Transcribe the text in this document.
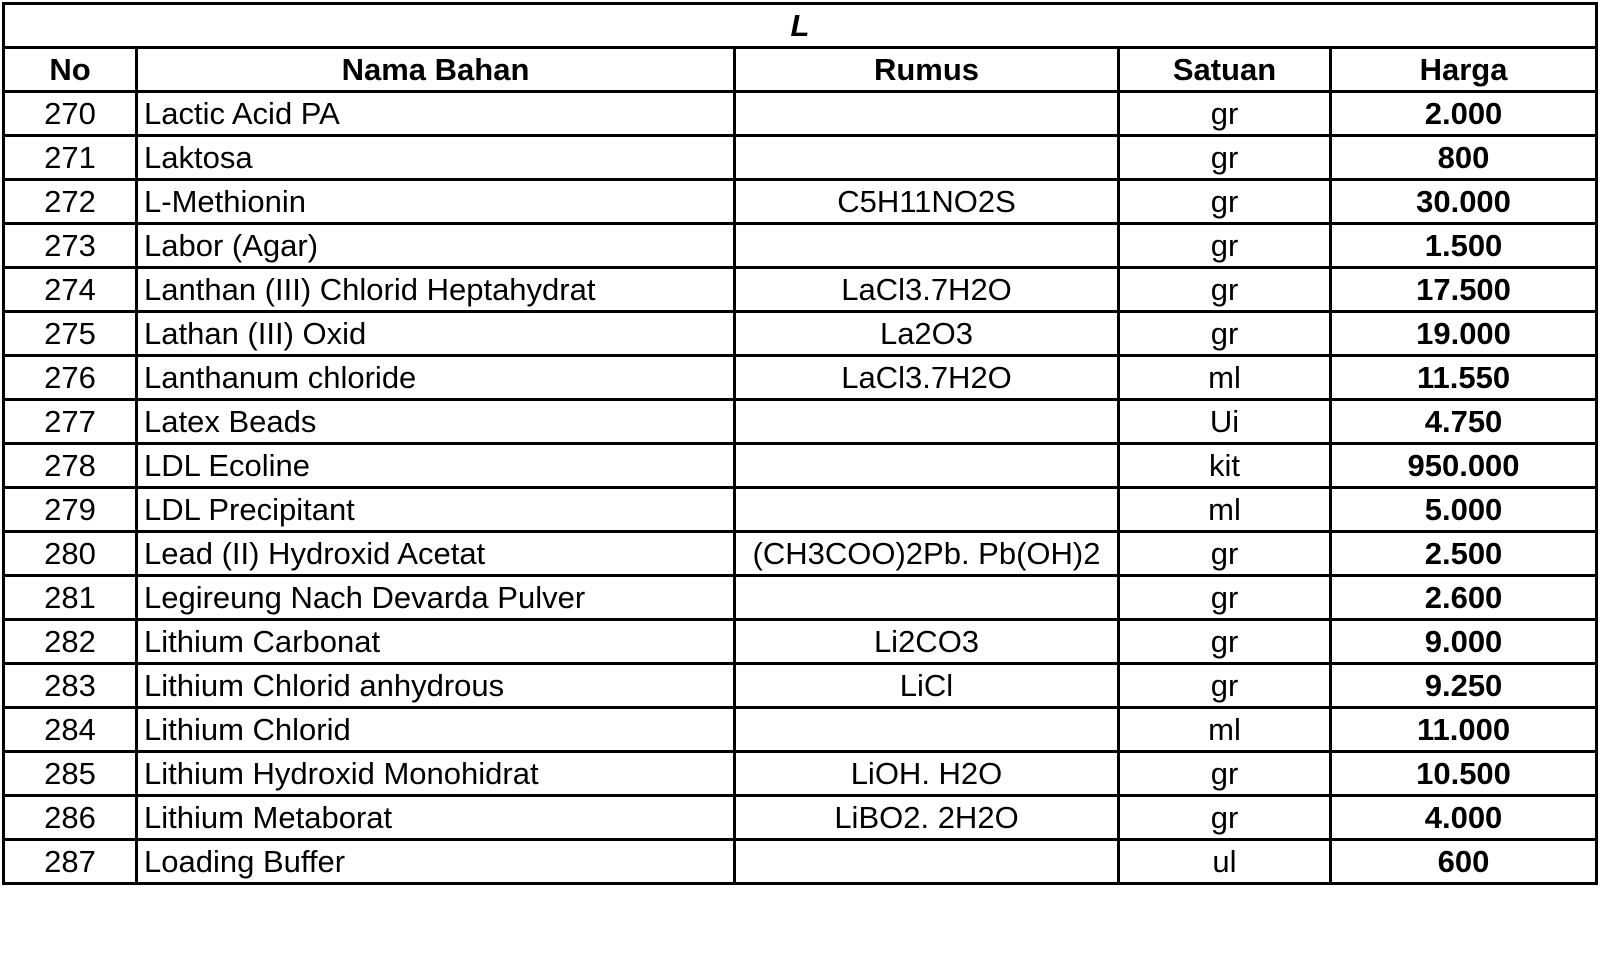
L				
No	Nama Bahan	Rumus	Satuan	Harga
270	Lactic Acid PA		gr	2.000
271	Laktosa		gr	800
272	L-Methionin	C5H11NO2S	gr	30.000
273	Labor (Agar)		gr	1.500
274	Lanthan (III) Chlorid Heptahydrat	LaCl3.7H2O	gr	17.500
275	Lathan (III) Oxid	La2O3	gr	19.000
276	Lanthanum chloride	LaCl3.7H2O	ml	11.550
277	Latex Beads		Ui	4.750
278	LDL Ecoline		kit	950.000
279	LDL Precipitant		ml	5.000
280	Lead (II) Hydroxid Acetat	(CH3COO)2Pb. Pb(OH)2	gr	2.500
281	Legireung Nach Devarda Pulver		gr	2.600
282	Lithium Carbonat	Li2CO3	gr	9.000
283	Lithium Chlorid anhydrous	LiCl	gr	9.250
284	Lithium Chlorid		ml	11.000
285	Lithium Hydroxid Monohidrat	LiOH. H2O	gr	10.500
286	Lithium Metaborat	LiBO2. 2H2O	gr	4.000
287	Loading Buffer		ul	600
